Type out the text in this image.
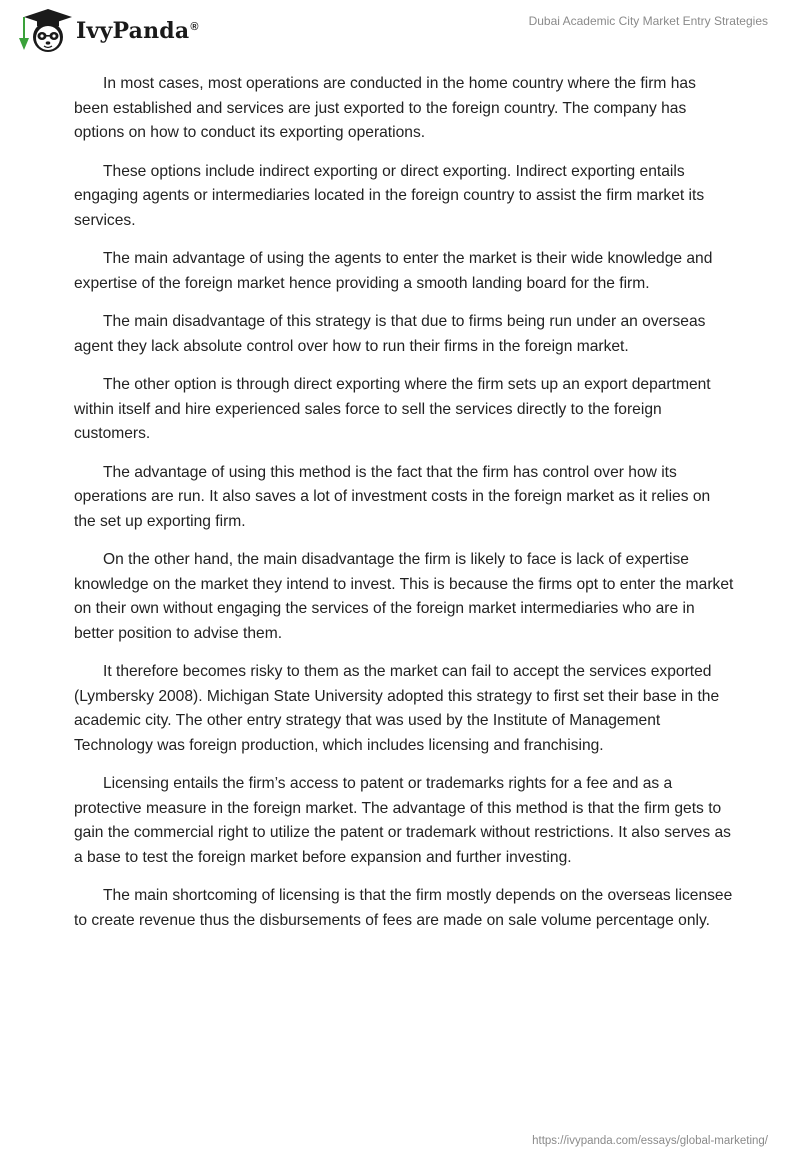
IvyPanda®	Dubai Academic City Market Entry Strategies

In most cases, most operations are conducted in the home country where the firm has been established and services are just exported to the foreign country. The company has options on how to conduct its exporting operations.

These options include indirect exporting or direct exporting. Indirect exporting entails engaging agents or intermediaries located in the foreign country to assist the firm market its services.

The main advantage of using the agents to enter the market is their wide knowledge and expertise of the foreign market hence providing a smooth landing board for the firm.

The main disadvantage of this strategy is that due to firms being run under an overseas agent they lack absolute control over how to run their firms in the foreign market.

The other option is through direct exporting where the firm sets up an export department within itself and hire experienced sales force to sell the services directly to the foreign customers.

The advantage of using this method is the fact that the firm has control over how its operations are run. It also saves a lot of investment costs in the foreign market as it relies on the set up exporting firm.

On the other hand, the main disadvantage the firm is likely to face is lack of expertise knowledge on the market they intend to invest. This is because the firms opt to enter the market on their own without engaging the services of the foreign market intermediaries who are in better position to advise them.

It therefore becomes risky to them as the market can fail to accept the services exported (Lymbersky 2008). Michigan State University adopted this strategy to first set their base in the academic city. The other entry strategy that was used by the Institute of Management Technology was foreign production, which includes licensing and franchising.

Licensing entails the firm’s access to patent or trademarks rights for a fee and as a protective measure in the foreign market. The advantage of this method is that the firm gets to gain the commercial right to utilize the patent or trademark without restrictions. It also serves as a base to test the foreign market before expansion and further investing.

The main shortcoming of licensing is that the firm mostly depends on the overseas licensee to create revenue thus the disbursements of fees are made on sale volume percentage only.

https://ivypanda.com/essays/global-marketing/
